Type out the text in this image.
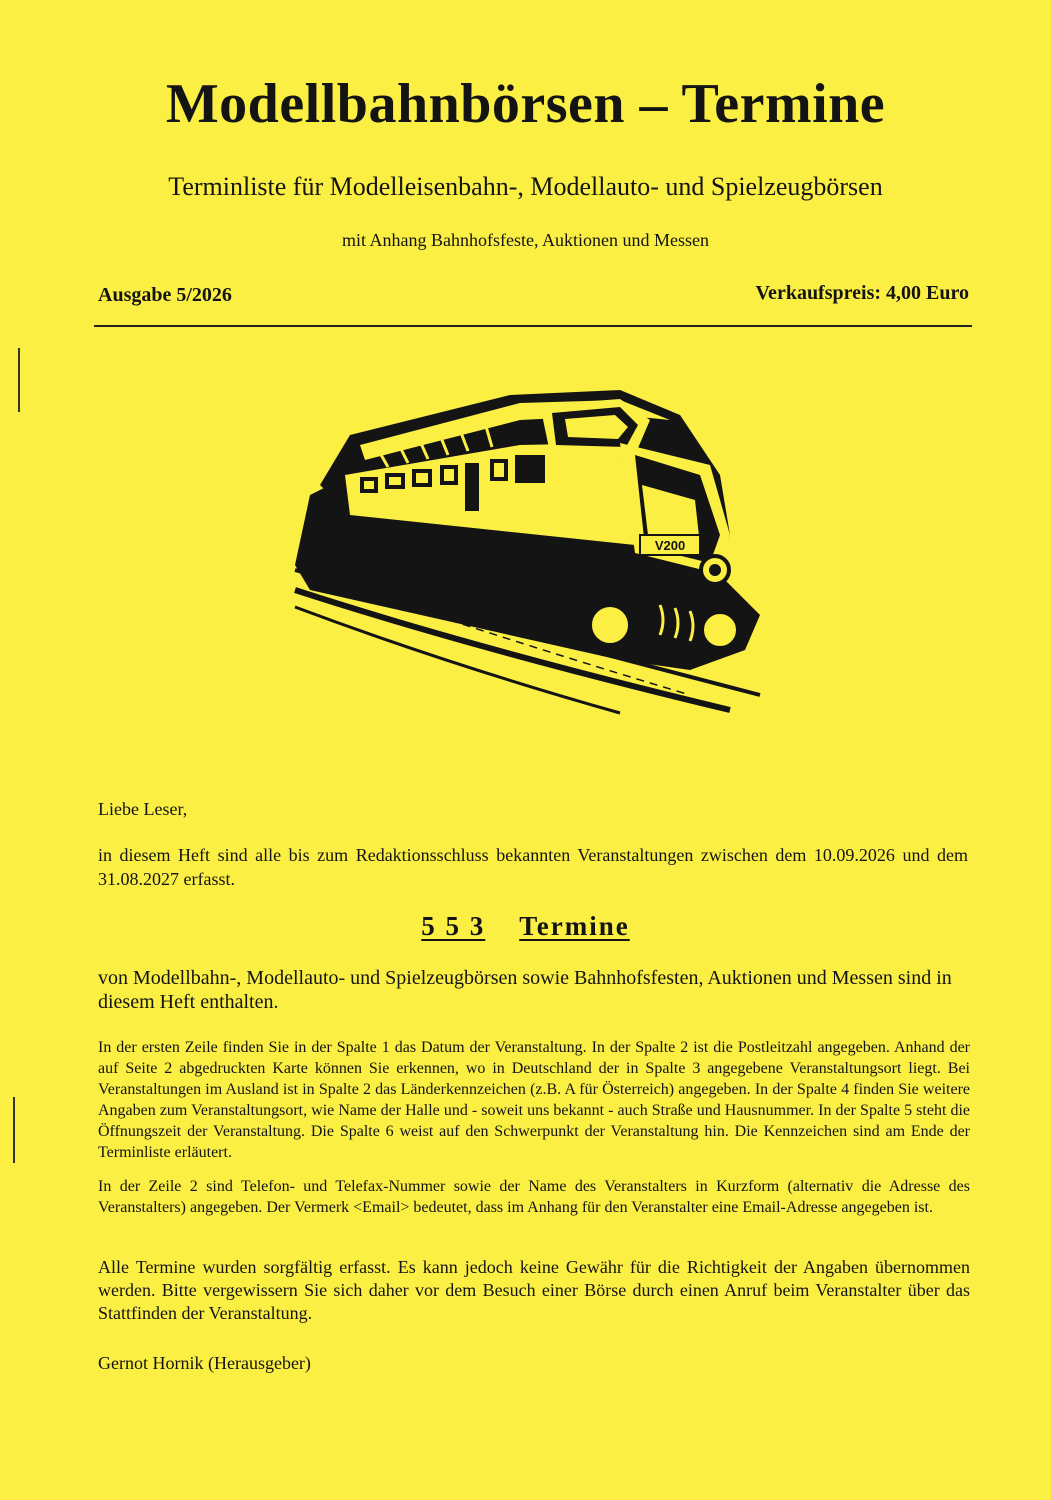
Modellbahnbörsen – Termine
Terminliste für Modelleisenbahn-, Modellauto- und Spielzeugbörsen
mit Anhang Bahnhofsfeste, Auktionen und Messen
Ausgabe 5/2026	Verkaufspreis: 4,00 Euro
V200
Liebe Leser,
in diesem Heft sind alle bis zum Redaktionsschluss bekannten Veranstaltungen zwischen dem 10.09.2026 und dem 31.08.2027 erfasst.
5 5 3 Termine
von Modellbahn-, Modellauto- und Spielzeugbörsen sowie Bahnhofsfesten, Auktionen und Messen sind in diesem Heft enthalten.
In der ersten Zeile finden Sie in der Spalte 1 das Datum der Veranstaltung. In der Spalte 2 ist die Postleitzahl angegeben. Anhand der auf Seite 2 abgedruckten Karte können Sie erkennen, wo in Deutschland der in Spalte 3 angegebene Veranstaltungsort liegt. Bei Veranstaltungen im Ausland ist in Spalte 2 das Länderkennzeichen (z.B. A für Österreich) angegeben. In der Spalte 4 finden Sie weitere Angaben zum Veranstaltungsort, wie Name der Halle und - soweit uns bekannt - auch Straße und Hausnummer. In der Spalte 5 steht die Öffnungszeit der Veranstaltung. Die Spalte 6 weist auf den Schwerpunkt der Veranstaltung hin. Die Kennzeichen sind am Ende der Terminliste erläutert.
In der Zeile 2 sind Telefon- und Telefax-Nummer sowie der Name des Veranstalters in Kurzform (alternativ die Adresse des Veranstalters) angegeben. Der Vermerk <Email> bedeutet, dass im Anhang für den Veranstalter eine Email-Adresse angegeben ist.
Alle Termine wurden sorgfältig erfasst. Es kann jedoch keine Gewähr für die Richtigkeit der Angaben übernommen werden. Bitte vergewissern Sie sich daher vor dem Besuch einer Börse durch einen Anruf beim Veranstalter über das Stattfinden der Veranstaltung.
Gernot Hornik (Herausgeber)
